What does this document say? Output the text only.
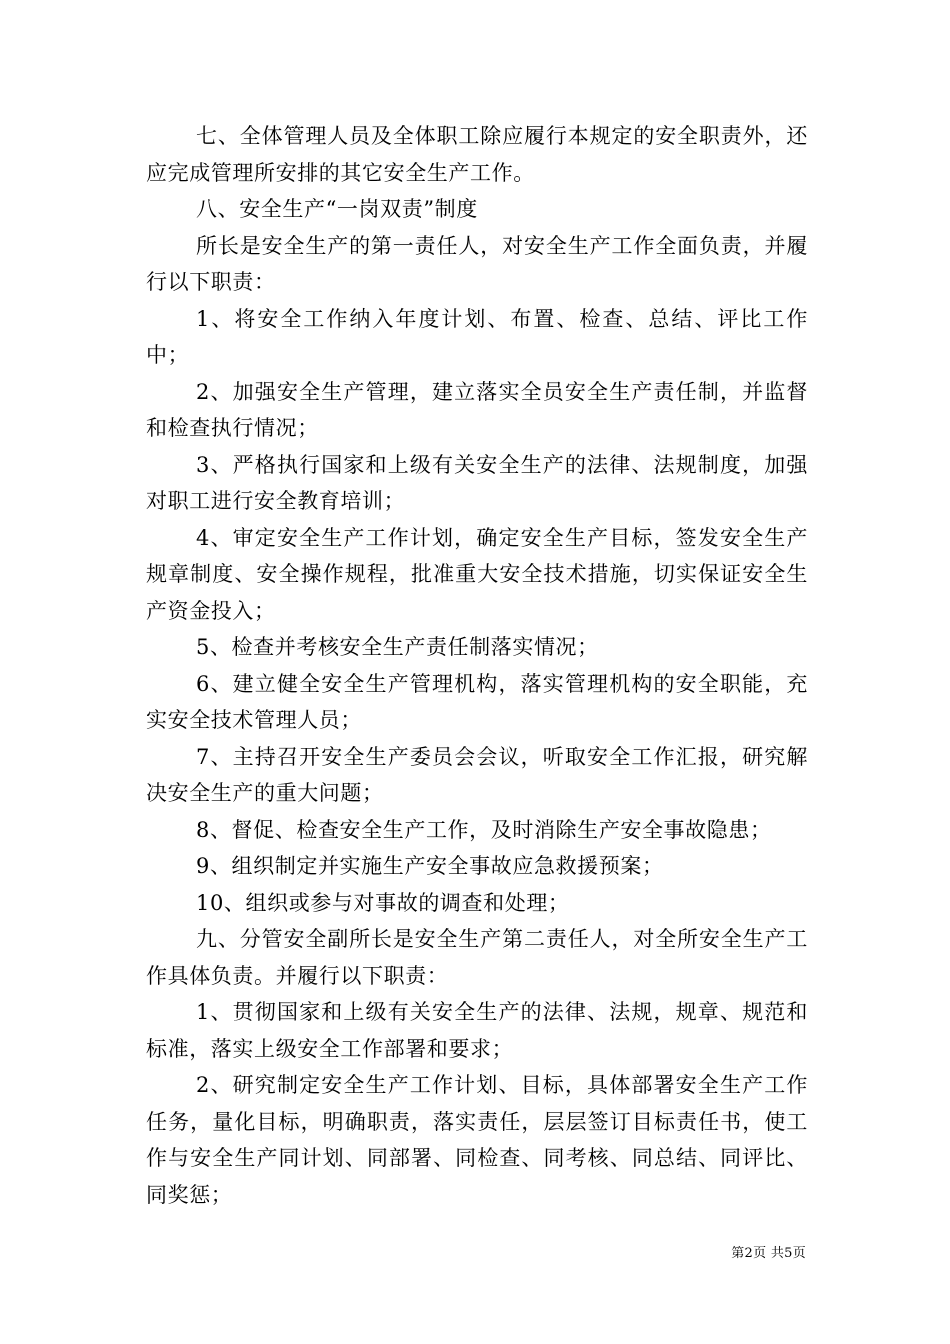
七、全体管理人员及全体职工除应履行本规定的安全职责外，还应完成管理所安排的其它安全生产工作。

八、安全生产“一岗双责”制度

所长是安全生产的第一责任人，对安全生产工作全面负责，并履行以下职责：

1、将安全工作纳入年度计划、布置、检查、总结、评比工作中；

2、加强安全生产管理，建立落实全员安全生产责任制，并监督和检查执行情况；

3、严格执行国家和上级有关安全生产的法律、法规制度，加强对职工进行安全教育培训；

4、审定安全生产工作计划，确定安全生产目标，签发安全生产规章制度、安全操作规程，批准重大安全技术措施，切实保证安全生产资金投入；

5、检查并考核安全生产责任制落实情况；

6、建立健全安全生产管理机构，落实管理机构的安全职能，充实安全技术管理人员；

7、主持召开安全生产委员会会议，听取安全工作汇报，研究解决安全生产的重大问题；

8、督促、检查安全生产工作，及时消除生产安全事故隐患；

9、组织制定并实施生产安全事故应急救援预案；

10、组织或参与对事故的调查和处理；

九、分管安全副所长是安全生产第二责任人，对全所安全生产工作具体负责。并履行以下职责：

1、贯彻国家和上级有关安全生产的法律、法规，规章、规范和标准，落实上级安全工作部署和要求；

2、研究制定安全生产工作计划、目标，具体部署安全生产工作任务，量化目标，明确职责，落实责任，层层签订目标责任书，使工作与安全生产同计划、同部署、同检查、同考核、同总结、同评比、同奖惩；

第2页 共5页
